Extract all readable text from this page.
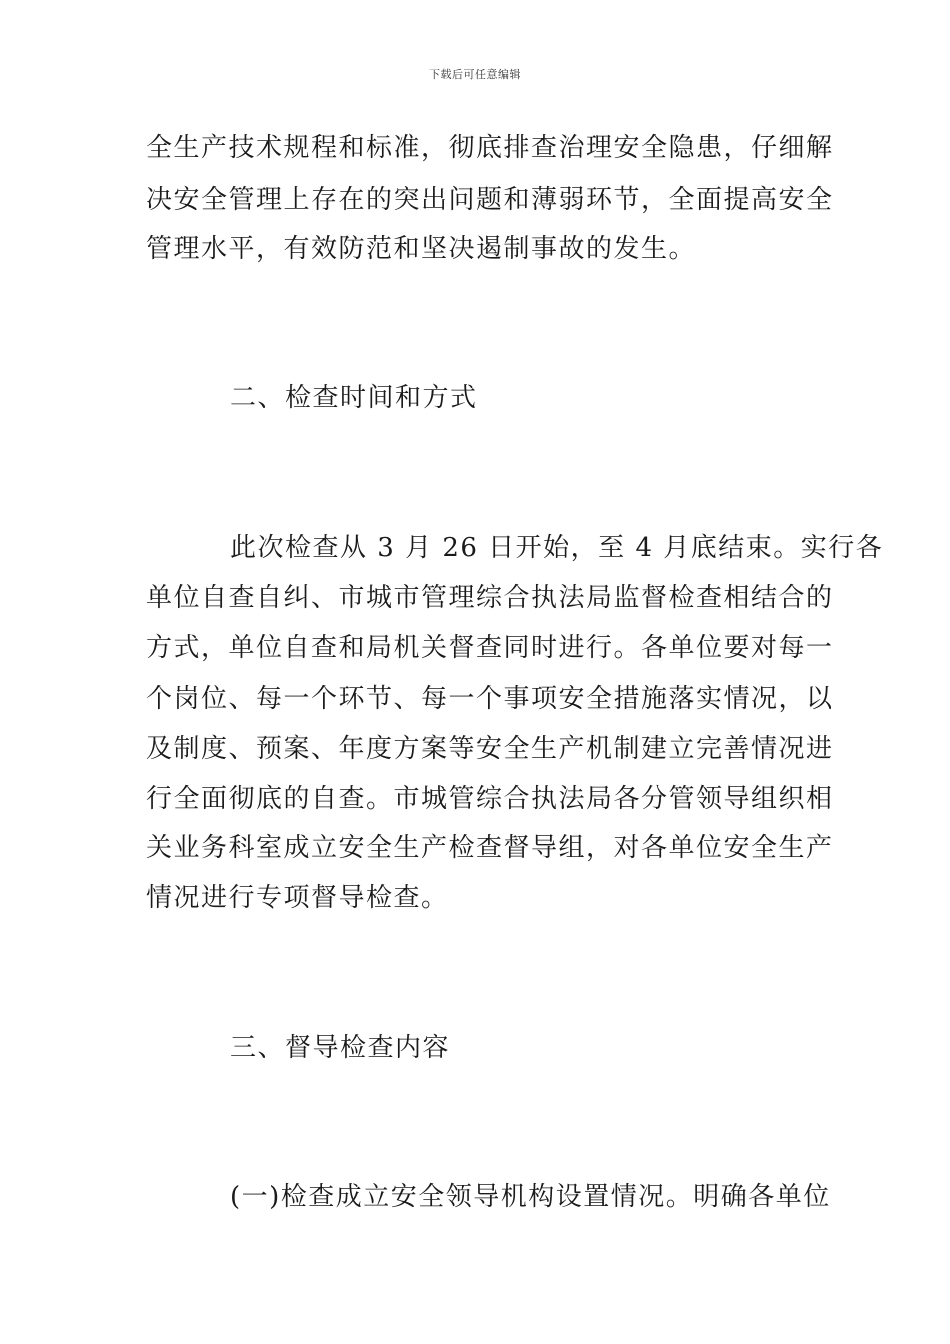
下载后可任意编辑
全生产技术规程和标准，彻底排查治理安全隐患，仔细解
决安全管理上存在的突出问题和薄弱环节，全面提高安全
管理水平，有效防范和坚决遏制事故的发生。
二、检查时间和方式
此次检查从 3 月 26 日开始，至 4 月底结束。实行各
单位自查自纠、市城市管理综合执法局监督检查相结合的
方式，单位自查和局机关督查同时进行。各单位要对每一
个岗位、每一个环节、每一个事项安全措施落实情况，以
及制度、预案、年度方案等安全生产机制建立完善情况进
行全面彻底的自查。市城管综合执法局各分管领导组织相
关业务科室成立安全生产检查督导组，对各单位安全生产
情况进行专项督导检查。
三、督导检查内容
(一)检查成立安全领导机构设置情况。明确各单位
